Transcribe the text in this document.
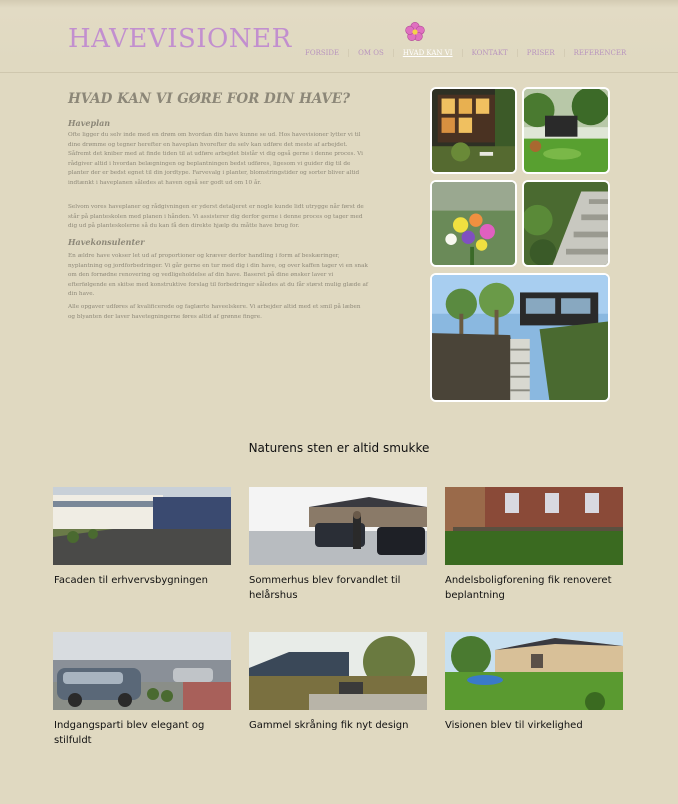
HAVEVISIONER	FORSIDE	OM OS	HVAD KAN VI	KONTAKT	PRISER	REFERENCER
HVAD KAN VI GØRE FOR DIN HAVE?
Haveplan
Ofte ligger du selv inde med en drøm om hvordan din have kunne se ud. Hos havevisioner lytter vi til dine drømme og tegner herefter en haveplan hvorefter du selv kan udføre det meste af arbejdet. Såfremt det kniber med at finde tiden til at udføre arbejdet bistår vi dig også gerne i denne proces. Vi rådgiver altid i hvordan belægningen og beplantningen bedst udføres, ligesom vi guider dig til de planter der er bedst egnet til din jordtype. Farvevalg i planter, blomstringstider og sorter bliver altid indtænkt i haveplanen således at haven også ser godt ud om 10 år.
Selvom vores haveplaner og rådgivningen er yderst detaljeret er nogle kunde lidt utrygge når først de står på planteskolen med planen i hånden. Vi assisterer dig derfor gerne i denne proces og tager med dig ud på planteskolerne så du kan få den direkte hjælp du måtte have brug for.
Havekonsulenter
En ældre have vokser let ud af proportioner og kræver derfor handling i form af beskæringer, nyplantning og jordforbedringer. Vi går gerne en tur med dig i din have, og over kaffen tager vi en snak om den fornødne renovering og vedligeholdelse af din have. Baseret på dine ønsker laver vi efterfølgende en skitse med konstruktive forslag til forbedringer således at du får størst mulig glæde af din have.
Alle opgaver udføres af kvalificerede og faglærte haveelskere. Vi arbejder altid med et smil på læben og blyanten der laver havetegningerne føres altid af grønne fingre.
Naturens sten er altid smukke
Facaden til erhvervsbygningen	Sommerhus blev forvandlet til helårshus
Andelsboligforening fik renoveret beplantning
Indgangsparti blev elegant og stilfuldt
Gammel skråning fik nyt design	Visionen blev til virkelighed
